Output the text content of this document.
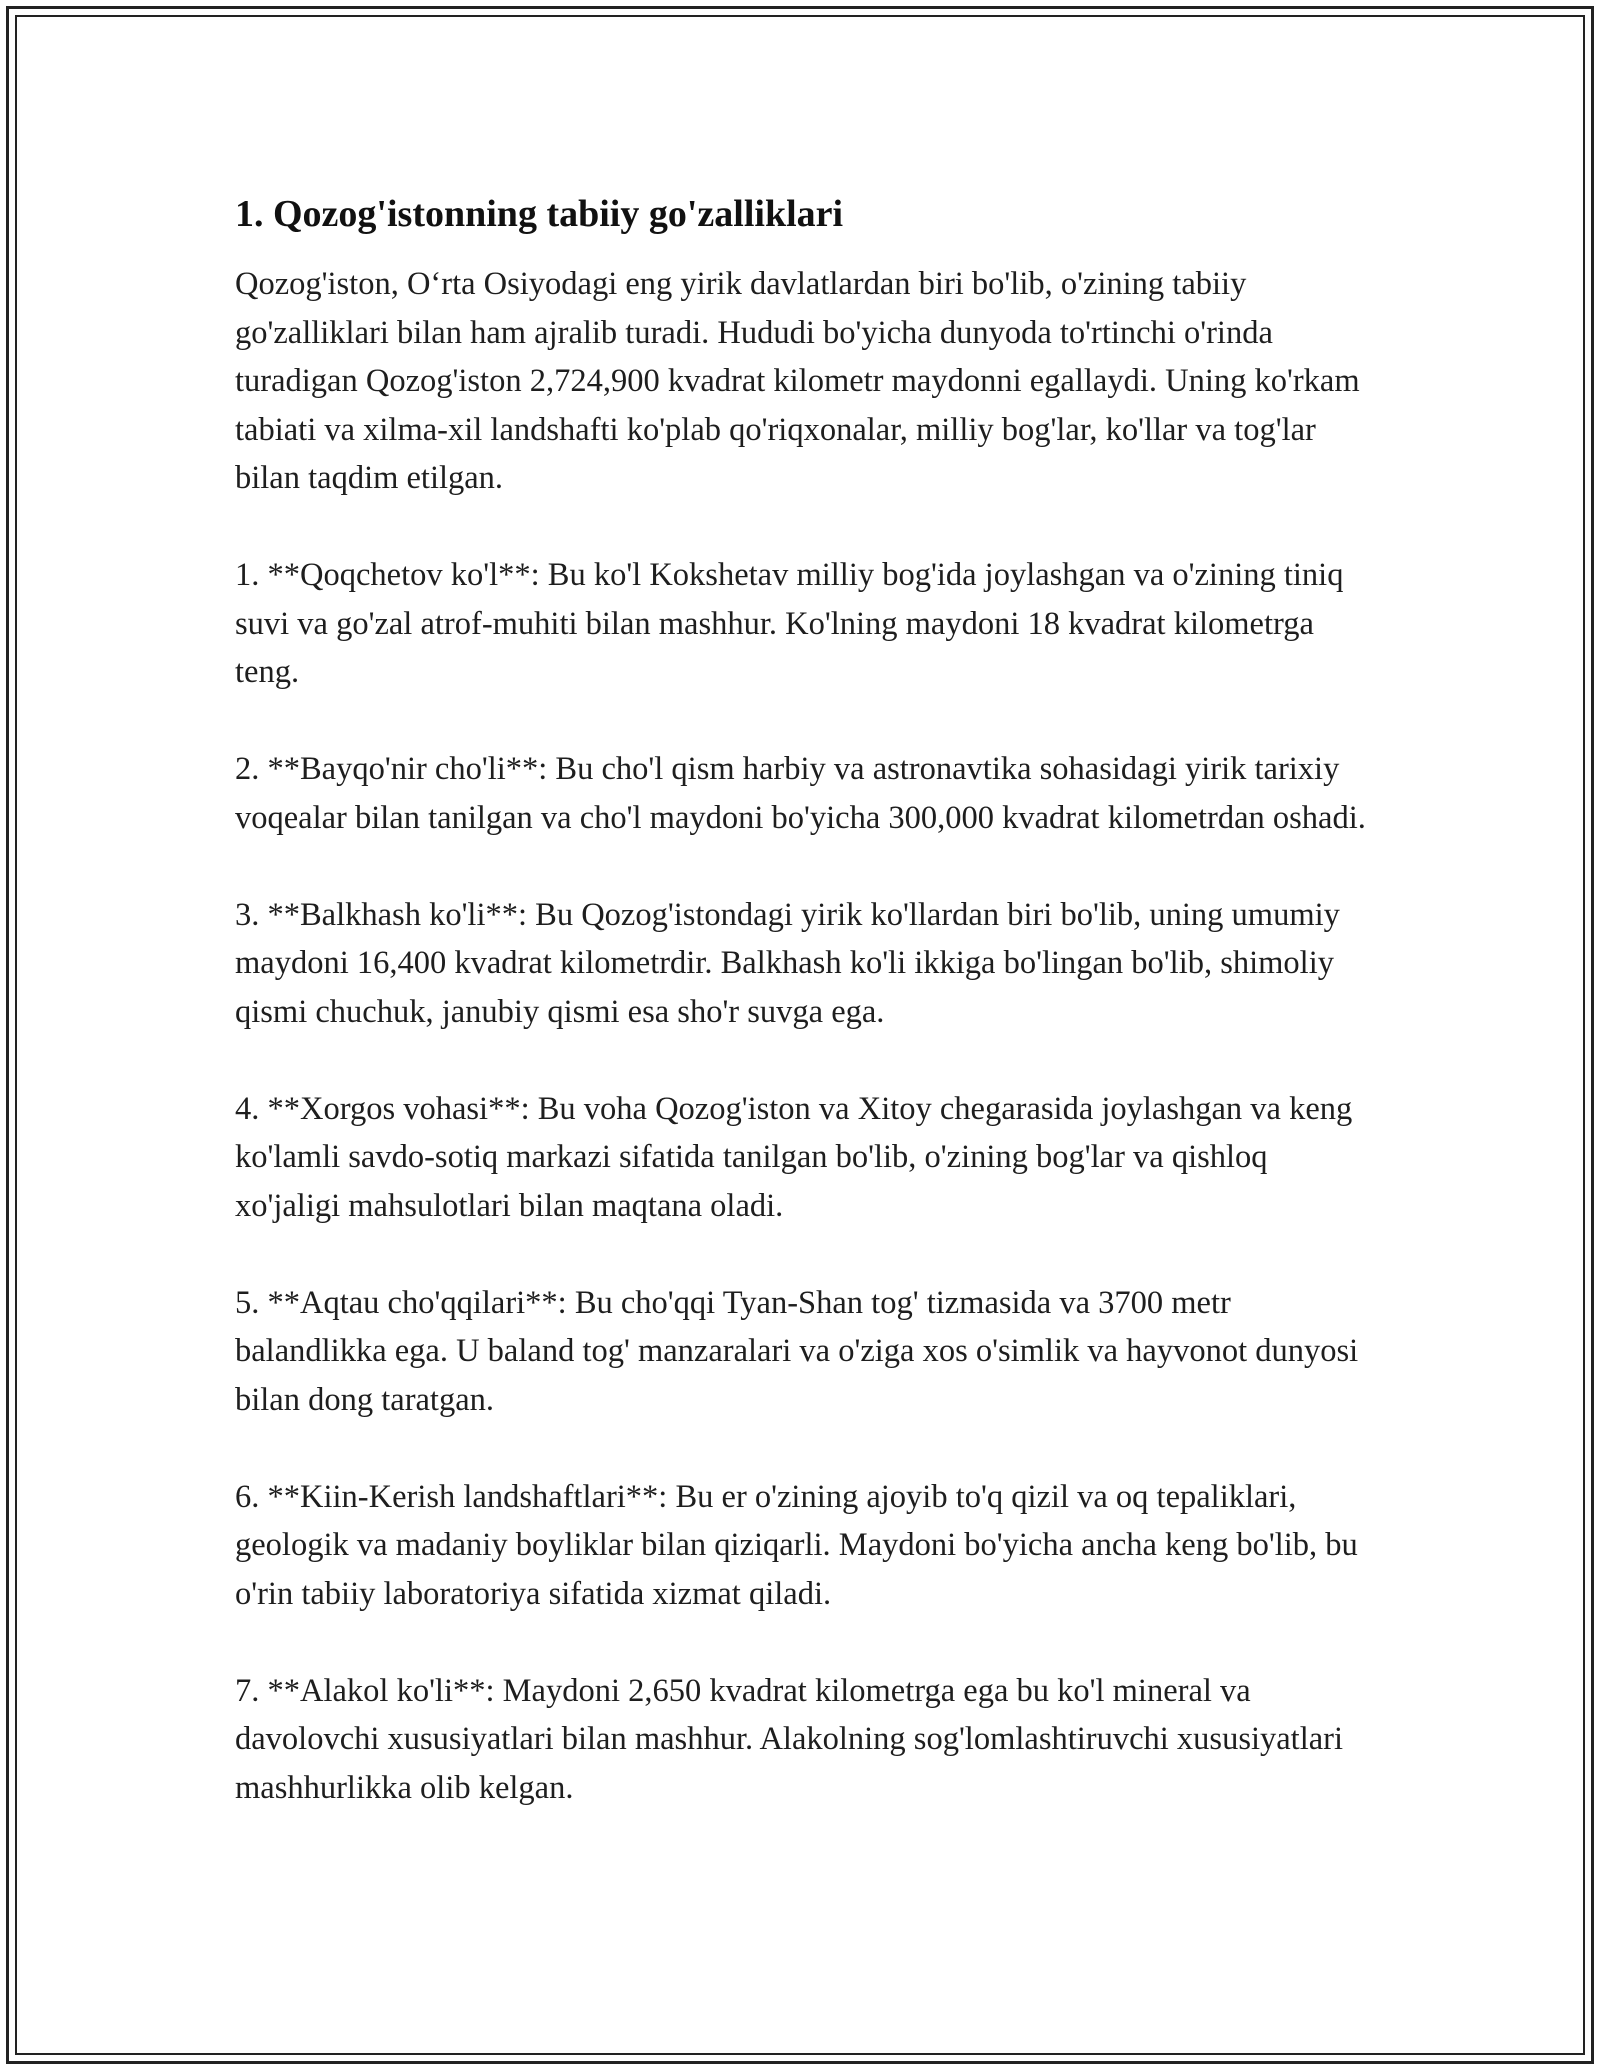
1. Qozog'istonning tabiiy go'zalliklari

Qozog'iston, O‘rta Osiyodagi eng yirik davlatlardan biri bo'lib, o'zining tabiiy go'zalliklari bilan ham ajralib turadi. Hududi bo'yicha dunyoda to'rtinchi o'rinda turadigan Qozog'iston 2,724,900 kvadrat kilometr maydonni egallaydi. Uning ko'rkam tabiati va xilma-xil landshafti ko'plab qo'riqxonalar, milliy bog'lar, ko'llar va tog'lar bilan taqdim etilgan.

1. **Qoqchetov ko'l**: Bu ko'l Kokshetav milliy bog'ida joylashgan va o'zining tiniq suvi va go'zal atrof-muhiti bilan mashhur. Ko'lning maydoni 18 kvadrat kilometrga teng.

2. **Bayqo'nir cho'li**: Bu cho'l qism harbiy va astronavtika sohasidagi yirik tarixiy voqealar bilan tanilgan va cho'l maydoni bo'yicha 300,000 kvadrat kilometrdan oshadi.

3. **Balkhash ko'li**: Bu Qozog'istondagi yirik ko'llardan biri bo'lib, uning umumiy maydoni 16,400 kvadrat kilometrdir. Balkhash ko'li ikkiga bo'lingan bo'lib, shimoliy qismi chuchuk, janubiy qismi esa sho'r suvga ega.

4. **Xorgos vohasi**: Bu voha Qozog'iston va Xitoy chegarasida joylashgan va keng ko'lamli savdo-sotiq markazi sifatida tanilgan bo'lib, o'zining bog'lar va qishloq xo'jaligi mahsulotlari bilan maqtana oladi.

5. **Aqtau cho'qqilari**: Bu cho'qqi Tyan-Shan tog' tizmasida va 3700 metr balandlikka ega. U baland tog' manzaralari va o'ziga xos o'simlik va hayvonot dunyosi bilan dong taratgan.

6. **Kiin-Kerish landshaftlari**: Bu er o'zining ajoyib to'q qizil va oq tepaliklari, geologik va madaniy boyliklar bilan qiziqarli. Maydoni bo'yicha ancha keng bo'lib, bu o'rin tabiiy laboratoriya sifatida xizmat qiladi.

7. **Alakol ko'li**: Maydoni 2,650 kvadrat kilometrga ega bu ko'l mineral va davolovchi xususiyatlari bilan mashhur. Alakolning sog'lomlashtiruvchi xususiyatlari mashhurlikka olib kelgan.
